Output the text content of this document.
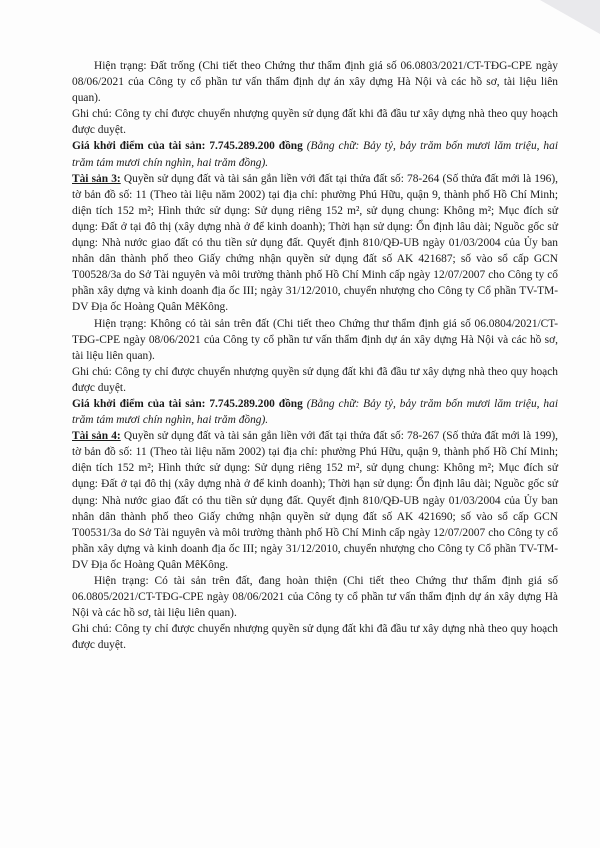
Hiện trạng: Đất trống (Chi tiết theo Chứng thư thẩm định giá số 06.0803/2021/CT-TĐG-CPE ngày 08/06/2021 của Công ty cổ phần tư vấn thẩm định dự án xây dựng Hà Nội và các hồ sơ, tài liệu liên quan).

Ghi chú: Công ty chỉ được chuyển nhượng quyền sử dụng đất khi đã đầu tư xây dựng nhà theo quy hoạch được duyệt.

Giá khởi điểm của tài sản: 7.745.289.200 đồng (Bằng chữ: Bảy tỷ, bảy trăm bốn mươi lăm triệu, hai trăm tám mươi chín nghìn, hai trăm đồng).

Tài sản 3: Quyền sử dụng đất và tài sản gắn liền với đất tại thửa đất số: 78-264 (Số thửa đất mới là 196), tờ bản đồ số: 11 (Theo tài liệu năm 2002) tại địa chỉ: phường Phú Hữu, quận 9, thành phố Hồ Chí Minh; diện tích 152 m²; Hình thức sử dụng: Sử dụng riêng 152 m², sử dụng chung: Không m²; Mục đích sử dụng: Đất ở tại đô thị (xây dựng nhà ở để kinh doanh); Thời hạn sử dụng: Ổn định lâu dài; Nguồc gốc sử dụng: Nhà nước giao đất có thu tiền sử dụng đất. Quyết định 810/QĐ-UB ngày 01/03/2004 của Ủy ban nhân dân thành phố theo Giấy chứng nhận quyền sử dụng đất số AK 421687; số vào sổ cấp GCN T00528/3a do Sở Tài nguyên và môi trường thành phố Hồ Chí Minh cấp ngày 12/07/2007 cho Công ty cổ phần xây dựng và kinh doanh địa ốc III; ngày 31/12/2010, chuyển nhượng cho Công ty Cổ phần TV-TM-DV Địa ốc Hoàng Quân MêKông.

Hiện trạng: Không có tài sản trên đất (Chi tiết theo Chứng thư thẩm định giá số 06.0804/2021/CT-TĐG-CPE ngày 08/06/2021 của Công ty cổ phần tư vấn thẩm định dự án xây dựng Hà Nội và các hồ sơ, tài liệu liên quan).

Ghi chú: Công ty chỉ được chuyển nhượng quyền sử dụng đất khi đã đầu tư xây dựng nhà theo quy hoạch được duyệt.

Giá khởi điểm của tài sản: 7.745.289.200 đồng (Bằng chữ: Bảy tỷ, bảy trăm bốn mươi lăm triệu, hai trăm tám mươi chín nghìn, hai trăm đồng).

Tài sản 4: Quyền sử dụng đất và tài sản gắn liền với đất tại thửa đất số: 78-267 (Số thửa đất mới là 199), tờ bản đồ số: 11 (Theo tài liệu năm 2002) tại địa chỉ: phường Phú Hữu, quận 9, thành phố Hồ Chí Minh; diện tích 152 m²; Hình thức sử dụng: Sử dụng riêng 152 m², sử dụng chung: Không m²; Mục đích sử dụng: Đất ở tại đô thị (xây dựng nhà ở để kinh doanh); Thời hạn sử dụng: Ổn định lâu dài; Nguồc gốc sử dụng: Nhà nước giao đất có thu tiền sử dụng đất. Quyết định 810/QĐ-UB ngày 01/03/2004 của Ủy ban nhân dân thành phố theo Giấy chứng nhận quyền sử dụng đất số AK 421690; số vào sổ cấp GCN T00531/3a do Sở Tài nguyên và môi trường thành phố Hồ Chí Minh cấp ngày 12/07/2007 cho Công ty cổ phần xây dựng và kinh doanh địa ốc III; ngày 31/12/2010, chuyển nhượng cho Công ty Cổ phần TV-TM-DV Địa ốc Hoàng Quân MêKông.

Hiện trạng: Có tài sản trên đất, đang hoàn thiện (Chi tiết theo Chứng thư thẩm định giá số 06.0805/2021/CT-TĐG-CPE ngày 08/06/2021 của Công ty cổ phần tư vấn thẩm định dự án xây dựng Hà Nội và các hồ sơ, tài liệu liên quan).

Ghi chú: Công ty chỉ được chuyển nhượng quyền sử dụng đất khi đã đầu tư xây dựng nhà theo quy hoạch được duyệt.
